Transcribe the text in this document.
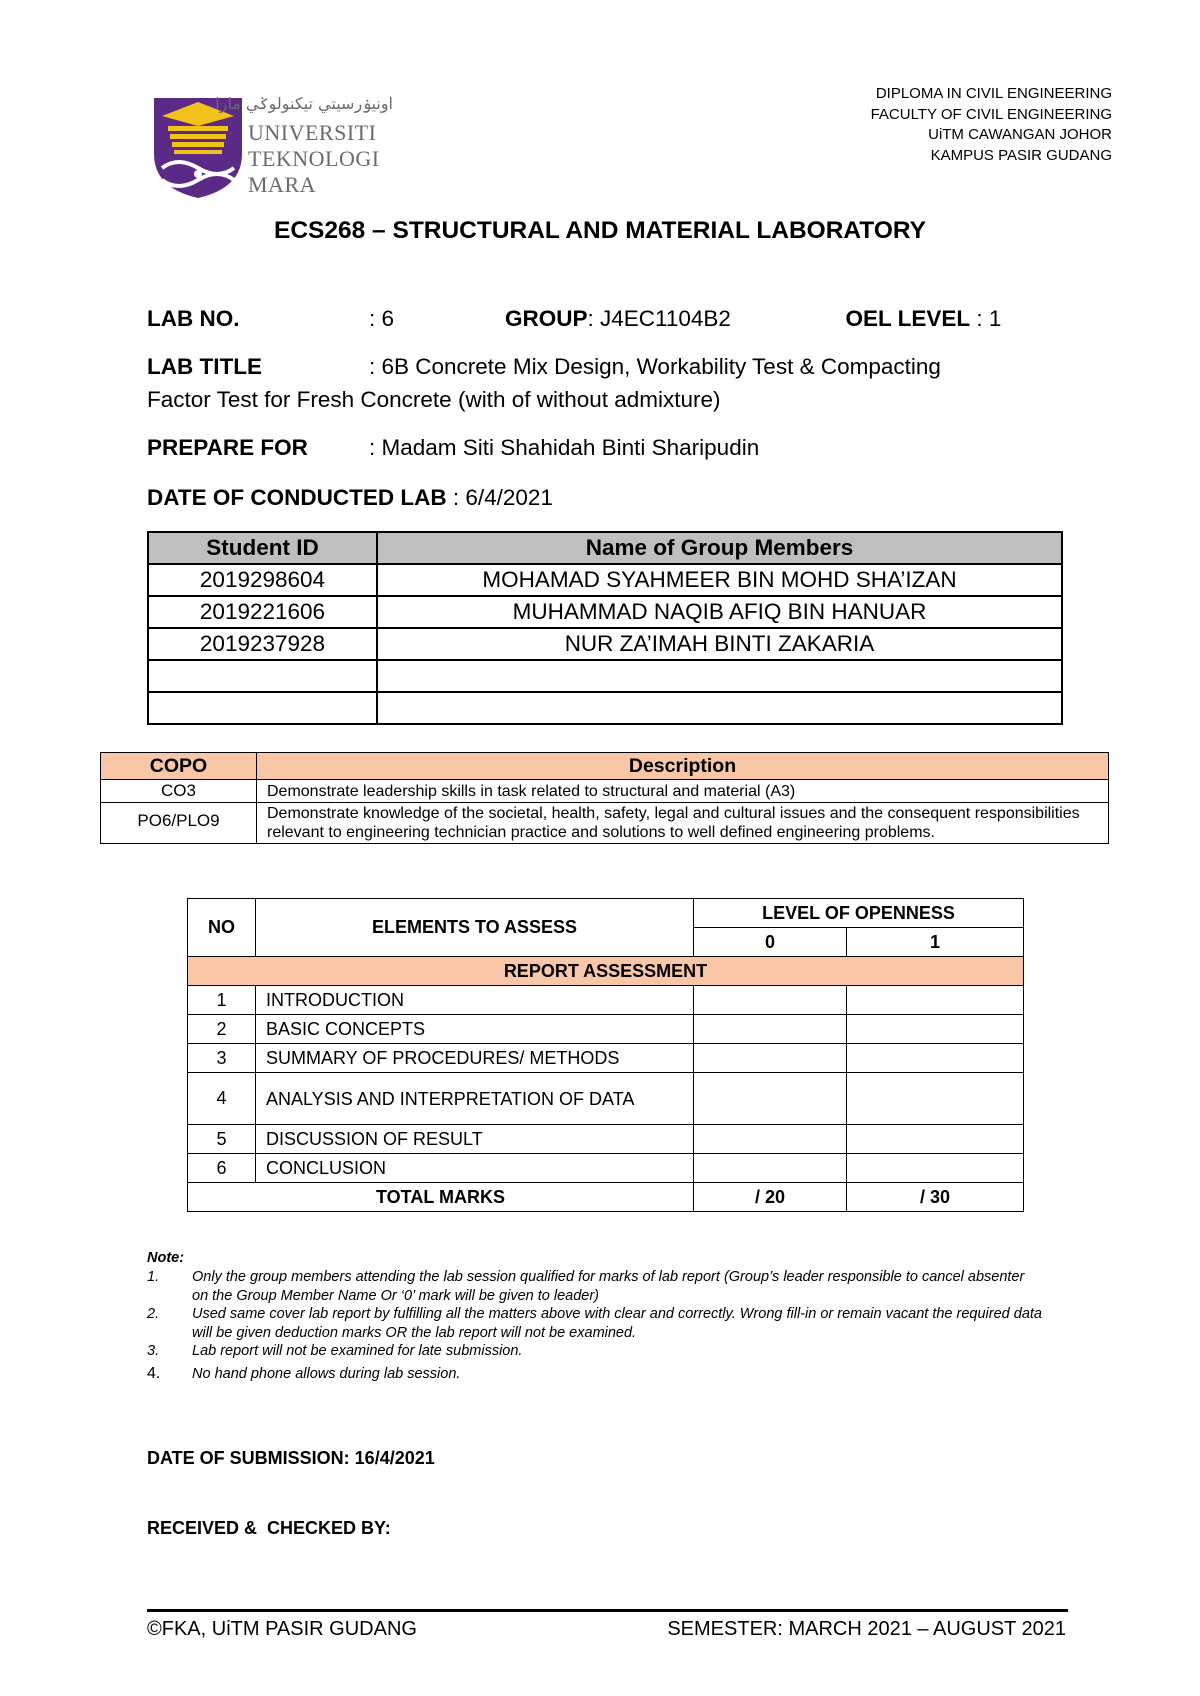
اونيۏرسيتي تيكنولوݢي مارا
UNIVERSITI
TEKNOLOGI
MARA
DIPLOMA IN CIVIL ENGINEERING
FACULTY OF CIVIL ENGINEERING
UiTM CAWANGAN JOHOR
KAMPUS PASIR GUDANG
ECS268 – STRUCTURAL AND MATERIAL LABORATORY
LAB NO.	: 6	GROUP: J4EC1104B2	OEL LEVEL : 1
LAB TITLE	: 6B Concrete Mix Design, Workability Test & Compacting
Factor Test for Fresh Concrete (with of without admixture)
PREPARE FOR	: Madam Siti Shahidah Binti Sharipudin
DATE OF CONDUCTED LAB : 6/4/2021
Student ID	Name of Group Members
2019298604	MOHAMAD SYAHMEER BIN MOHD SHA’IZAN
2019221606	MUHAMMAD NAQIB AFIQ BIN HANUAR
2019237928	NUR ZA’IMAH BINTI ZAKARIA

COPO	Description
CO3	Demonstrate leadership skills in task related to structural and material (A3)
PO6/PLO9	Demonstrate knowledge of the societal, health, safety, legal and cultural issues and the consequent responsibilities relevant to engineering technician practice and solutions to well defined engineering problems.
NO	ELEMENTS TO ASSESS	LEVEL OF OPENNESS	
		0	1
REPORT ASSESSMENT			
1	INTRODUCTION		
2	BASIC CONCEPTS		
3	SUMMARY OF PROCEDURES/ METHODS		
4	ANALYSIS AND INTERPRETATION OF DATA		
5	DISCUSSION OF RESULT		
6	CONCLUSION		
TOTAL MARKS		/ 20	/ 30
Note:
1.	Only the group members attending the lab session qualified for marks of lab report (Group’s leader responsible to cancel absenter on the Group Member Name Or ‘0’ mark will be given to leader)
2.	Used same cover lab report by fulfilling all the matters above with clear and correctly. Wrong fill-in or remain vacant the required data will be given deduction marks OR the lab report will not be examined.
3.	Lab report will not be examined for late submission.
4.	No hand phone allows during lab session.
DATE OF SUBMISSION: 16/4/2021
RECEIVED &  CHECKED BY:
©FKA, UiTM PASIR GUDANG	SEMESTER: MARCH 2021 – AUGUST 2021
